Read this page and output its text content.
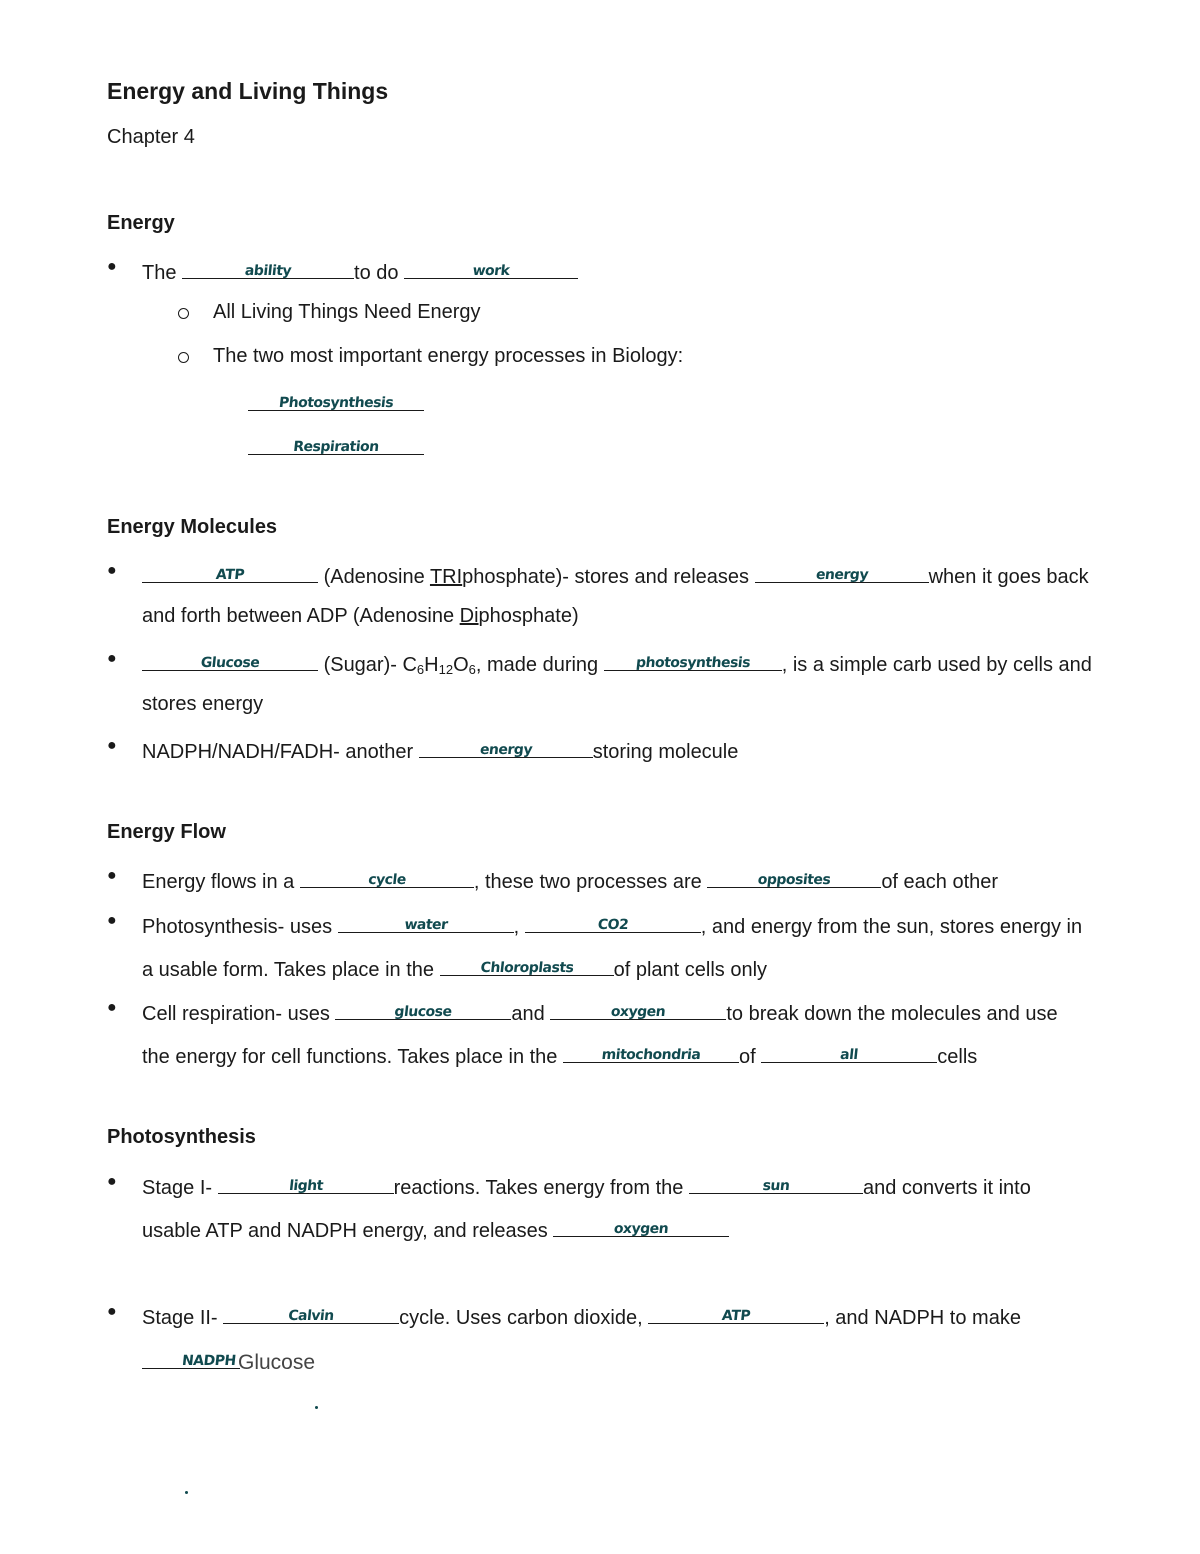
Energy and Living Things
Chapter 4
Energy
● The	ability	to do	work
All Living Things Need Energy
The two most important energy processes in Biology:
Photosynthesis
Respiration
Energy Molecules
●	ATP	(Adenosine TRIphosphate)- stores and releases	energy	when it goes back
and forth between ADP (Adenosine Diphosphate)
●	Glucose	(Sugar)- $C_6H_{12}O_6$, made during	photosynthesis	, is a simple carb used by cells and
stores energy
● NADPH/NADH/FADH- another	energy	storing molecule
Energy Flow
● Energy flows in a	cycle	, these two processes are	opposites	of each other
● Photosynthesis- uses	water	,	CO2	, and energy from the sun, stores energy in
a usable form. Takes place in the	Chloroplasts	of plant cells only
● Cell respiration- uses	glucose	and	oxygen	to break down the molecules and use
the energy for cell functions. Takes place in the	mitochondria	of	all	cells
Photosynthesis
● Stage I-	light	reactions. Takes energy from the	sun	and converts it into
usable ATP and NADPH energy, and releases	oxygen
● Stage II-	Calvin	cycle. Uses carbon dioxide,	ATP	, and NADPH to make
NADPH Glucose
